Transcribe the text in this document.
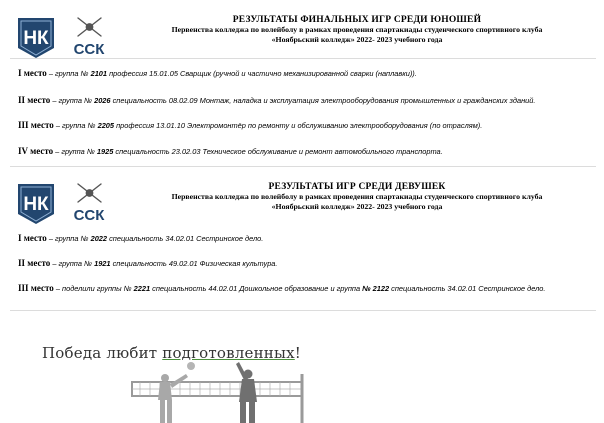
НК
ССК
РЕЗУЛЬТАТЫ ФИНАЛЬНЫХ ИГР СРЕДИ ЮНОШЕЙ
Первенства колледжа по волейболу в рамках проведения спартакиады студенческого спортивного клуба
«Ноябрьский колледж» 2022- 2023 учебного года
I место – группа № 2101 профессия 15.01.05 Сварщик (ручной и частично механизированной сварки (наплавки)).
II место – группа № 2026 специальность 08.02.09 Монтаж, наладка и эксплуатация электрооборудования промышленных и гражданских зданий.
III место – группа № 2205 профессия 13.01.10 Электромонтёр по ремонту и обслуживанию электрооборудования (по отраслям).
IV место – группа № 1925 специальность 23.02.03 Техническое обслуживание и ремонт автомобильного транспорта.
НК
ССК
РЕЗУЛЬТАТЫ ИГР СРЕДИ ДЕВУШЕК
Первенства колледжа по волейболу в рамках проведения спартакиады студенческого спортивного клуба
«Ноябрьский колледж» 2022- 2023 учебного года
I место – группа № 2022 специальность 34.02.01 Сестринское дело.
II место – группа № 1921 специальность 49.02.01 Физическая культура.
III место – поделили группы № 2221 специальность 44.02.01 Дошкольное образование и группа № 2122 специальность 34.02.01 Сестринское дело.
Победа любит подготовленных!
